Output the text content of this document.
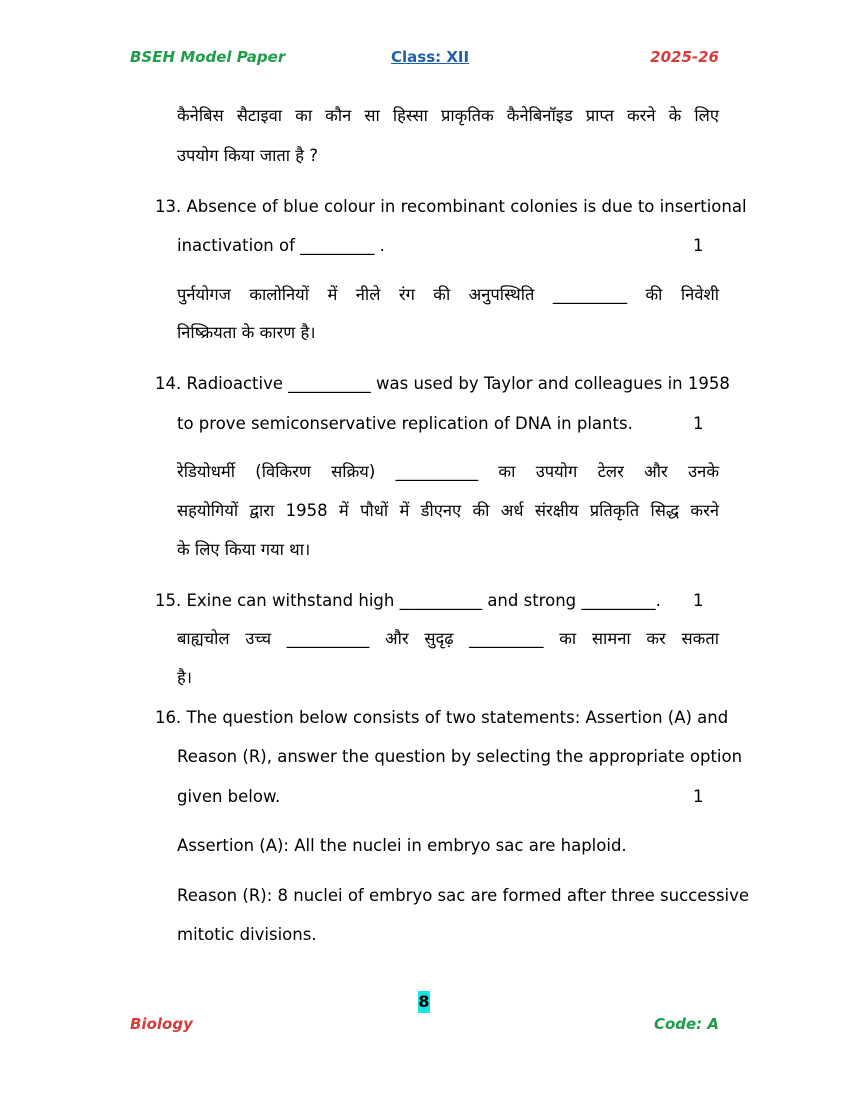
BSEH Model Paper	Class: XII	2025-26
कैनेबिस सैटाइवा का कौन सा हिस्सा प्राकृतिक कैनेबिनॉइड प्राप्त करने के लिए
उपयोग किया जाता है ?
13. Absence of blue colour in recombinant colonies is due to insertional
inactivation of _________ .	1
पुर्नयोगज कालोनियों में नीले रंग की अनुपस्थिति _________ की निवेशी
निष्क्रियता के कारण है।
14. Radioactive __________ was used by Taylor and colleagues in 1958
to prove semiconservative replication of DNA in plants.	1
रेडियोधर्मी (विकिरण सक्रिय) __________ का उपयोग टेलर और उनके
सहयोगियों द्वारा 1958 में पौधों में डीएनए की अर्ध संरक्षीय प्रतिकृति सिद्ध करने
के लिए किया गया था।
15. Exine can withstand high __________ and strong _________.	1
बाह्यचोल उच्च __________ और सुदृढ़ _________ का सामना कर सकता
है।
16. The question below consists of two statements: Assertion (A) and
Reason (R), answer the question by selecting the appropriate option
given below.	1
Assertion (A): All the nuclei in embryo sac are haploid.
Reason (R): 8 nuclei of embryo sac are formed after three successive
mitotic divisions.
8
Biology	Code: A
